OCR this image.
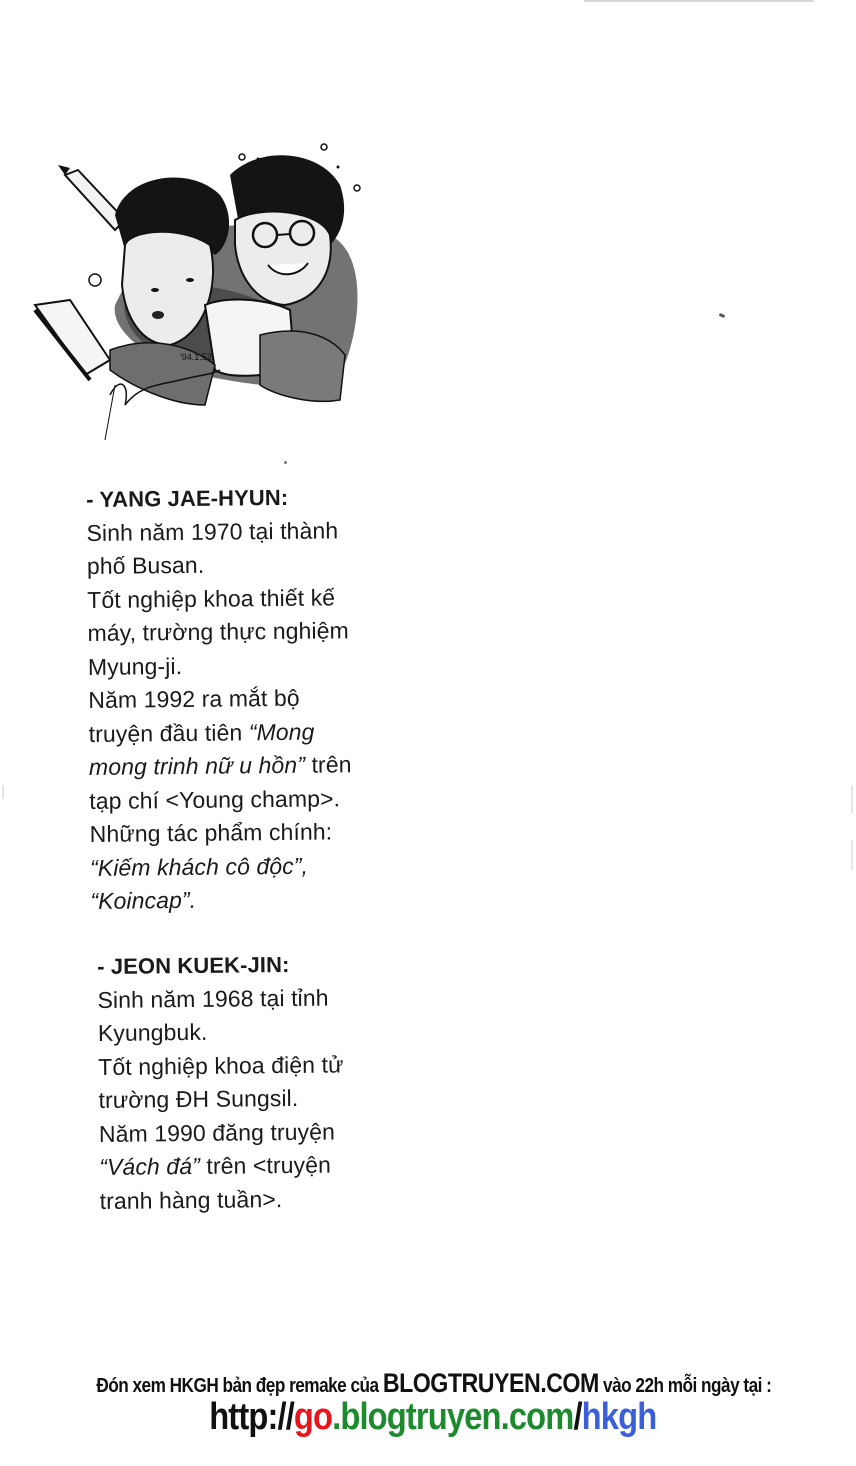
'94.1.52
- YANG JAE-HYUN:
Sinh năm 1970 tại thành
phố Busan.
Tốt nghiệp khoa thiết kế
máy, trường thực nghiệm
Myung-ji.
Năm 1992 ra mắt bộ
truyện đầu tiên “Mong
mong trinh nữ u hồn” trên
tạp chí <Young champ>.
Những tác phẩm chính:
“Kiếm khách cô độc”,
“Koincap”.
- JEON KUEK-JIN:
Sinh năm 1968 tại tỉnh
Kyungbuk.
Tốt nghiệp khoa điện tử
trường ĐH Sungsil.
Năm 1990 đăng truyện
“Vách đá” trên <truyện
tranh hàng tuần>.
Đón xem HKGH bản đẹp remake của BLOGTRUYEN.COM vào 22h mỗi ngày tại :
http://go.blogtruyen.com/hkgh
